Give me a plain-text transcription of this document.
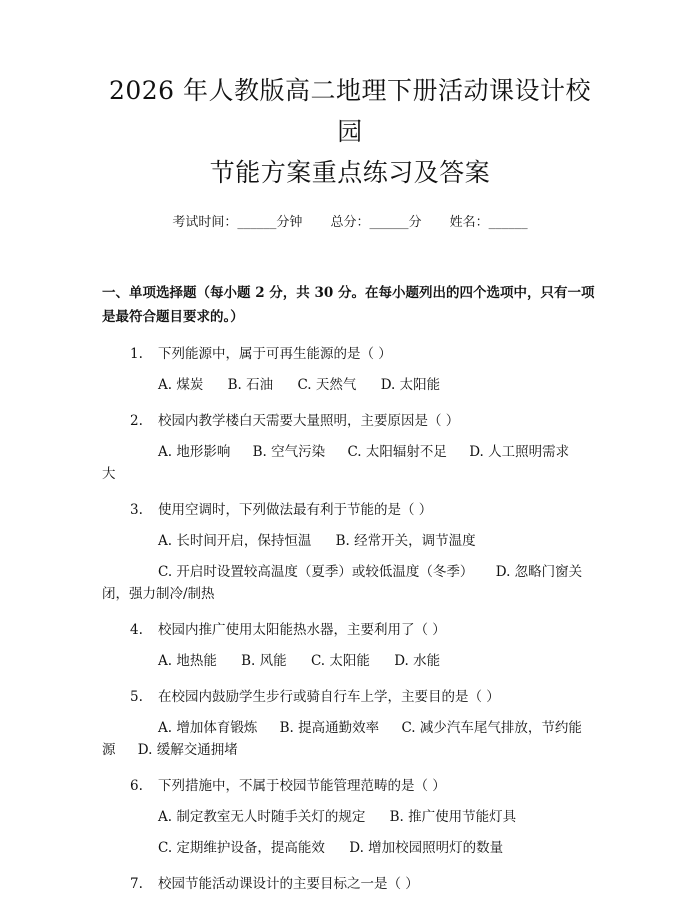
2026 年人教版高二地理下册活动课设计校园
节能方案重点练习及答案
考试时间：______分钟 总分：______分 姓名：______
一、单项选择题（每小题 2 分，共 30 分。在每小题列出的四个选项中，只有一项是最符合题目要求的。）
1. 下列能源中，属于可再生能源的是（ ）
A. 煤炭 B. 石油 C. 天然气 D. 太阳能
2. 校园内教学楼白天需要大量照明，主要原因是（ ）
A. 地形影响 B. 空气污染 C. 太阳辐射不足 D. 人工照明需求大
3. 使用空调时，下列做法最有利于节能的是（ ）
A. 长时间开启，保持恒温 B. 经常开关，调节温度
C. 开启时设置较高温度（夏季）或较低温度（冬季） D. 忽略门窗关闭，强力制冷/制热
4. 校园内推广使用太阳能热水器，主要利用了（ ）
A. 地热能 B. 风能 C. 太阳能 D. 水能
5. 在校园内鼓励学生步行或骑自行车上学，主要目的是（ ）
A. 增加体育锻炼 B. 提高通勤效率 C. 减少汽车尾气排放，节约能源 D. 缓解交通拥堵
6. 下列措施中，不属于校园节能管理范畴的是（ ）
A. 制定教室无人时随手关灯的规定 B. 推广使用节能灯具
C. 定期维护设备，提高能效 D. 增加校园照明灯的数量
7. 校园节能活动课设计的主要目标之一是（ ）
